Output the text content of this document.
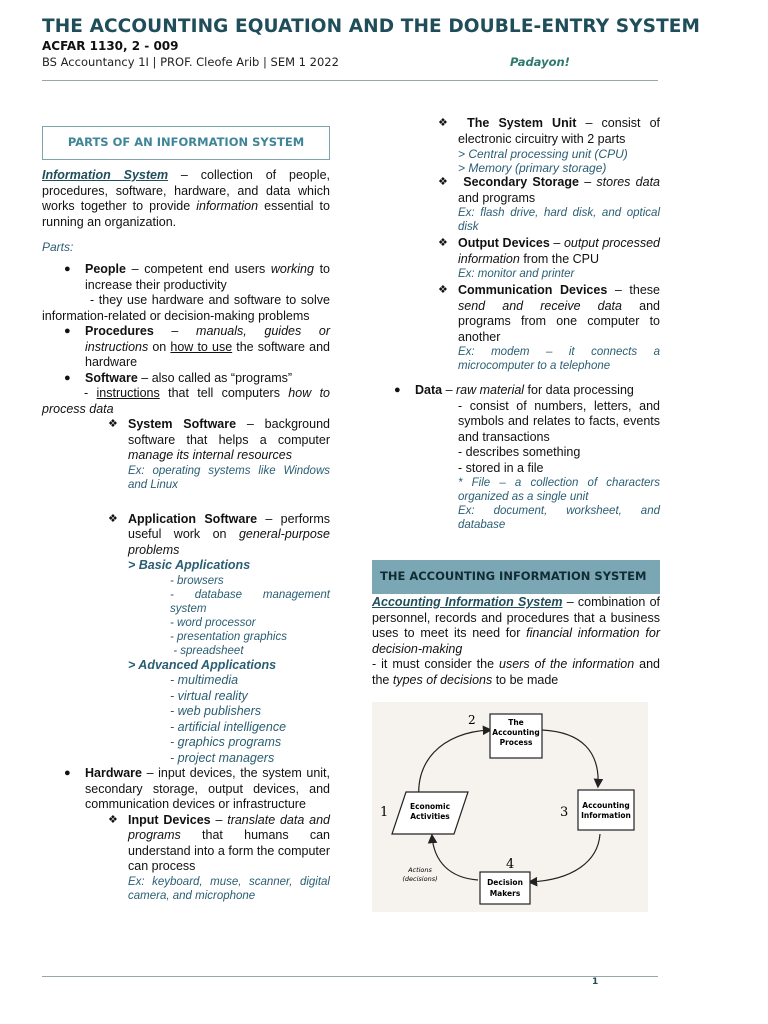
THE ACCOUNTING EQUATION AND THE DOUBLE-ENTRY SYSTEM
ACFAR 1130, 2 - 009
BS Accountancy 1I | PROF. Cleofe Arib | SEM 1 2022	Padayon!
PARTS OF AN INFORMATION SYSTEM

Information System – collection of people, procedures, software, hardware, and data which works together to provide information essential to running an organization.

Parts:
● People – competent end users working to increase their productivity
- they use hardware and software to solve information-related or decision-making problems
● Procedures – manuals, guides or instructions on how to use the software and hardware
● Software – also called as “programs”
- instructions that tell computers how to process data
❖ System Software – background software that helps a computer manage its internal resources
Ex: operating systems like Windows and Linux
❖ Application Software – performs useful work on general-purpose problems
> Basic Applications
- browsers
- database management system
- word processor
- presentation graphics
- spreadsheet
> Advanced Applications
- multimedia
- virtual reality
- web publishers
- artificial intelligence
- graphics programs
- project managers
● Hardware – input devices, the system unit, secondary storage, output devices, and communication devices or infrastructure
❖ Input Devices – translate data and programs that humans can understand into a form the computer can process
Ex: keyboard, muse, scanner, digital camera, and microphone
❖ The System Unit – consist of electronic circuitry with 2 parts
> Central processing unit (CPU)
> Memory (primary storage)
❖ Secondary Storage – stores data and programs
Ex: flash drive, hard disk, and optical disk
❖ Output Devices – output processed information from the CPU
Ex: monitor and printer
❖ Communication Devices – these send and receive data and programs from one computer to another
Ex: modem – it connects a microcomputer to a telephone
● Data – raw material for data processing
- consist of numbers, letters, and symbols and relates to facts, events and transactions
- describes something
- stored in a file
* File – a collection of characters organized as a single unit
Ex: document, worksheet, and database
THE ACCOUNTING INFORMATION SYSTEM

Accounting Information System – combination of personnel, records and procedures that a business uses to meet its need for financial information for decision-making

- it must consider the users of the information and the types of decisions to be made

The
Accounting
Process
Accounting
Information
Decision
Makers
Economic
Activities
1
2
3
4
Actions
(decisions)
1
